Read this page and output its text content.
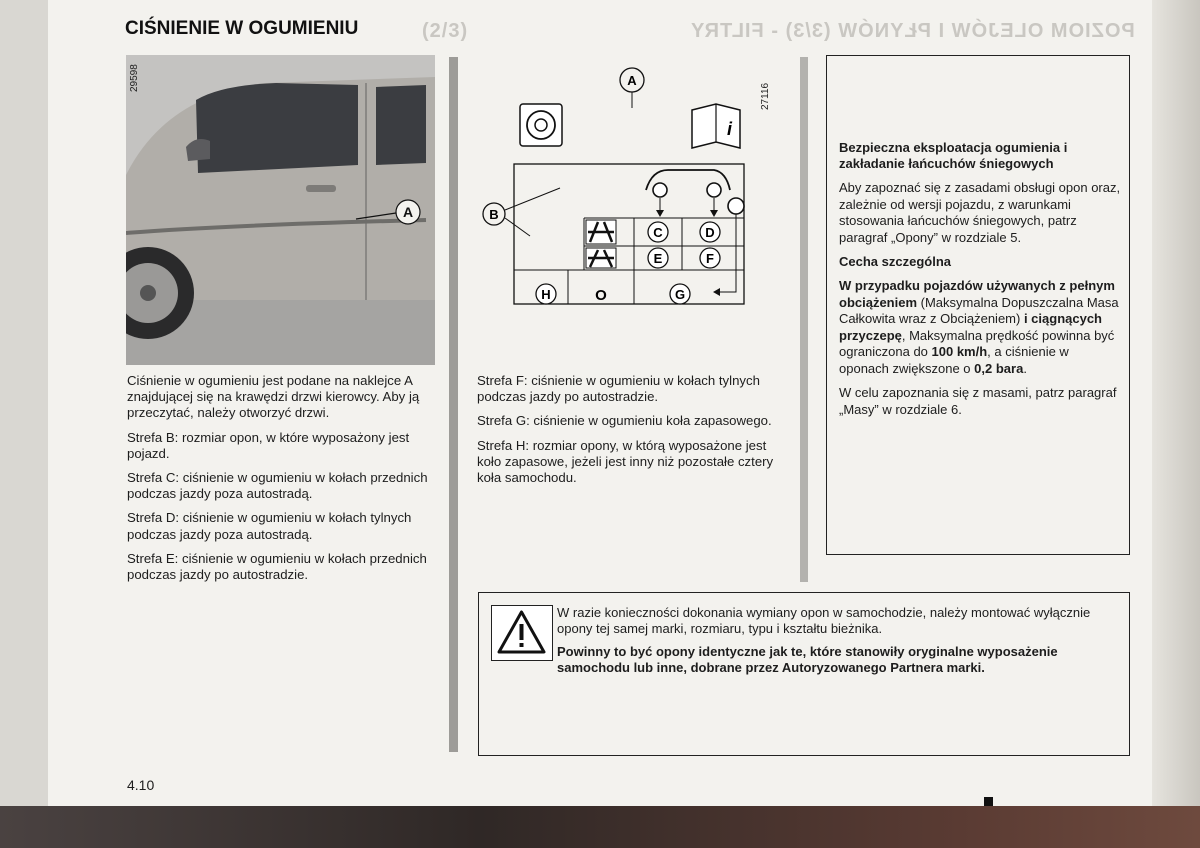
(2/3)	POZIOM OLEJÓW I PŁYNÓW (3/3) - FILTRY
CIŚNIENIE W OGUMIENIU
A
29598	A
i
B
C	D
E	F
H	O	G
27116

Ciśnienie w ogumieniu jest podane na naklejce A znajdującej się na krawędzi drzwi kierowcy. Aby ją przeczytać, należy otworzyć drzwi.

Strefa B: rozmiar opon, w które wyposażony jest pojazd.

Strefa C: ciśnienie w ogumieniu w kołach przednich podczas jazdy poza autostradą.

Strefa D: ciśnienie w ogumieniu w kołach tylnych podczas jazdy poza autostradą.

Strefa E: ciśnienie w ogumieniu w kołach przednich podczas jazdy po autostradzie.

Strefa F: ciśnienie w ogumieniu w kołach tylnych podczas jazdy po autostradzie.

Strefa G: ciśnienie w ogumieniu koła zapasowego.

Strefa H: rozmiar opony, w którą wyposażone jest koło zapasowe, jeżeli jest inny niż pozostałe cztery koła samochodu.

Bezpieczna eksploatacja ogumienia i zakładanie łańcuchów śniegowych

Aby zapoznać się z zasadami obsługi opon oraz, zależnie od wersji pojazdu, z warunkami stosowania łańcuchów śniegowych, patrz paragraf „Opony” w rozdziale 5.

Cecha szczególna

W przypadku pojazdów używanych z pełnym obciążeniem (Maksymalna Dopuszczalna Masa Całkowita wraz z Obciążeniem) i ciągnących przyczepę, Maksymalna prędkość powinna być ograniczona do 100 km/h, a ciśnienie w oponach zwiększone o 0,2 bara.

W celu zapoznania się z masami, patrz paragraf „Masy” w rozdziale 6.

W razie konieczności dokonania wymiany opon w samochodzie, należy montować wyłącznie opony tej samej marki, rozmiaru, typu i kształtu bieżnika.

Powinny to być opony identyczne jak te, które stanowiły oryginalne wyposażenie samochodu lub inne, dobrane przez Autoryzowanego Partnera marki.

4.10
